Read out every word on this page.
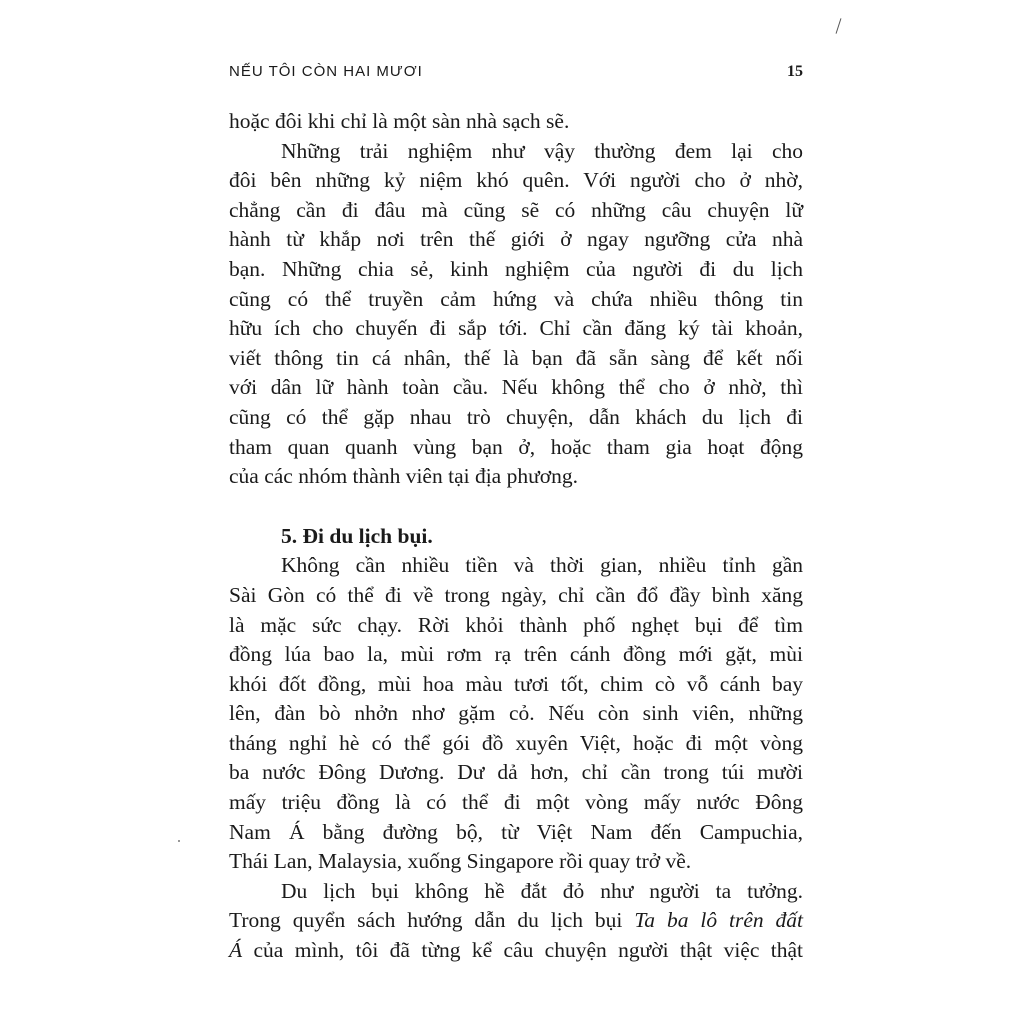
NẾU TÔI CÒN HAI MƯƠI	15
hoặc đôi khi chỉ là một sàn nhà sạch sẽ.
Những trải nghiệm như vậy thường đem lại cho
đôi bên những kỷ niệm khó quên. Với người cho ở nhờ,
chẳng cần đi đâu mà cũng sẽ có những câu chuyện lữ
hành từ khắp nơi trên thế giới ở ngay ngưỡng cửa nhà
bạn. Những chia sẻ, kinh nghiệm của người đi du lịch
cũng có thể truyền cảm hứng và chứa nhiều thông tin
hữu ích cho chuyến đi sắp tới. Chỉ cần đăng ký tài khoản,
viết thông tin cá nhân, thế là bạn đã sẵn sàng để kết nối
với dân lữ hành toàn cầu. Nếu không thể cho ở nhờ, thì
cũng có thể gặp nhau trò chuyện, dẫn khách du lịch đi
tham quan quanh vùng bạn ở, hoặc tham gia hoạt động
của các nhóm thành viên tại địa phương.
5. Đi du lịch bụi.
Không cần nhiều tiền và thời gian, nhiều tỉnh gần
Sài Gòn có thể đi về trong ngày, chỉ cần đổ đầy bình xăng
là mặc sức chạy. Rời khỏi thành phố nghẹt bụi để tìm
đồng lúa bao la, mùi rơm rạ trên cánh đồng mới gặt, mùi
khói đốt đồng, mùi hoa màu tươi tốt, chim cò vỗ cánh bay
lên, đàn bò nhởn nhơ gặm cỏ. Nếu còn sinh viên, những
tháng nghỉ hè có thể gói đồ xuyên Việt, hoặc đi một vòng
ba nước Đông Dương. Dư dả hơn, chỉ cần trong túi mười
mấy triệu đồng là có thể đi một vòng mấy nước Đông
Nam Á bằng đường bộ, từ Việt Nam đến Campuchia,
Thái Lan, Malaysia, xuống Singapore rồi quay trở về.
Du lịch bụi không hề đắt đỏ như người ta tưởng.
Trong quyển sách hướng dẫn du lịch bụi Ta ba lô trên đất
Á của mình, tôi đã từng kể câu chuyện người thật việc thật
